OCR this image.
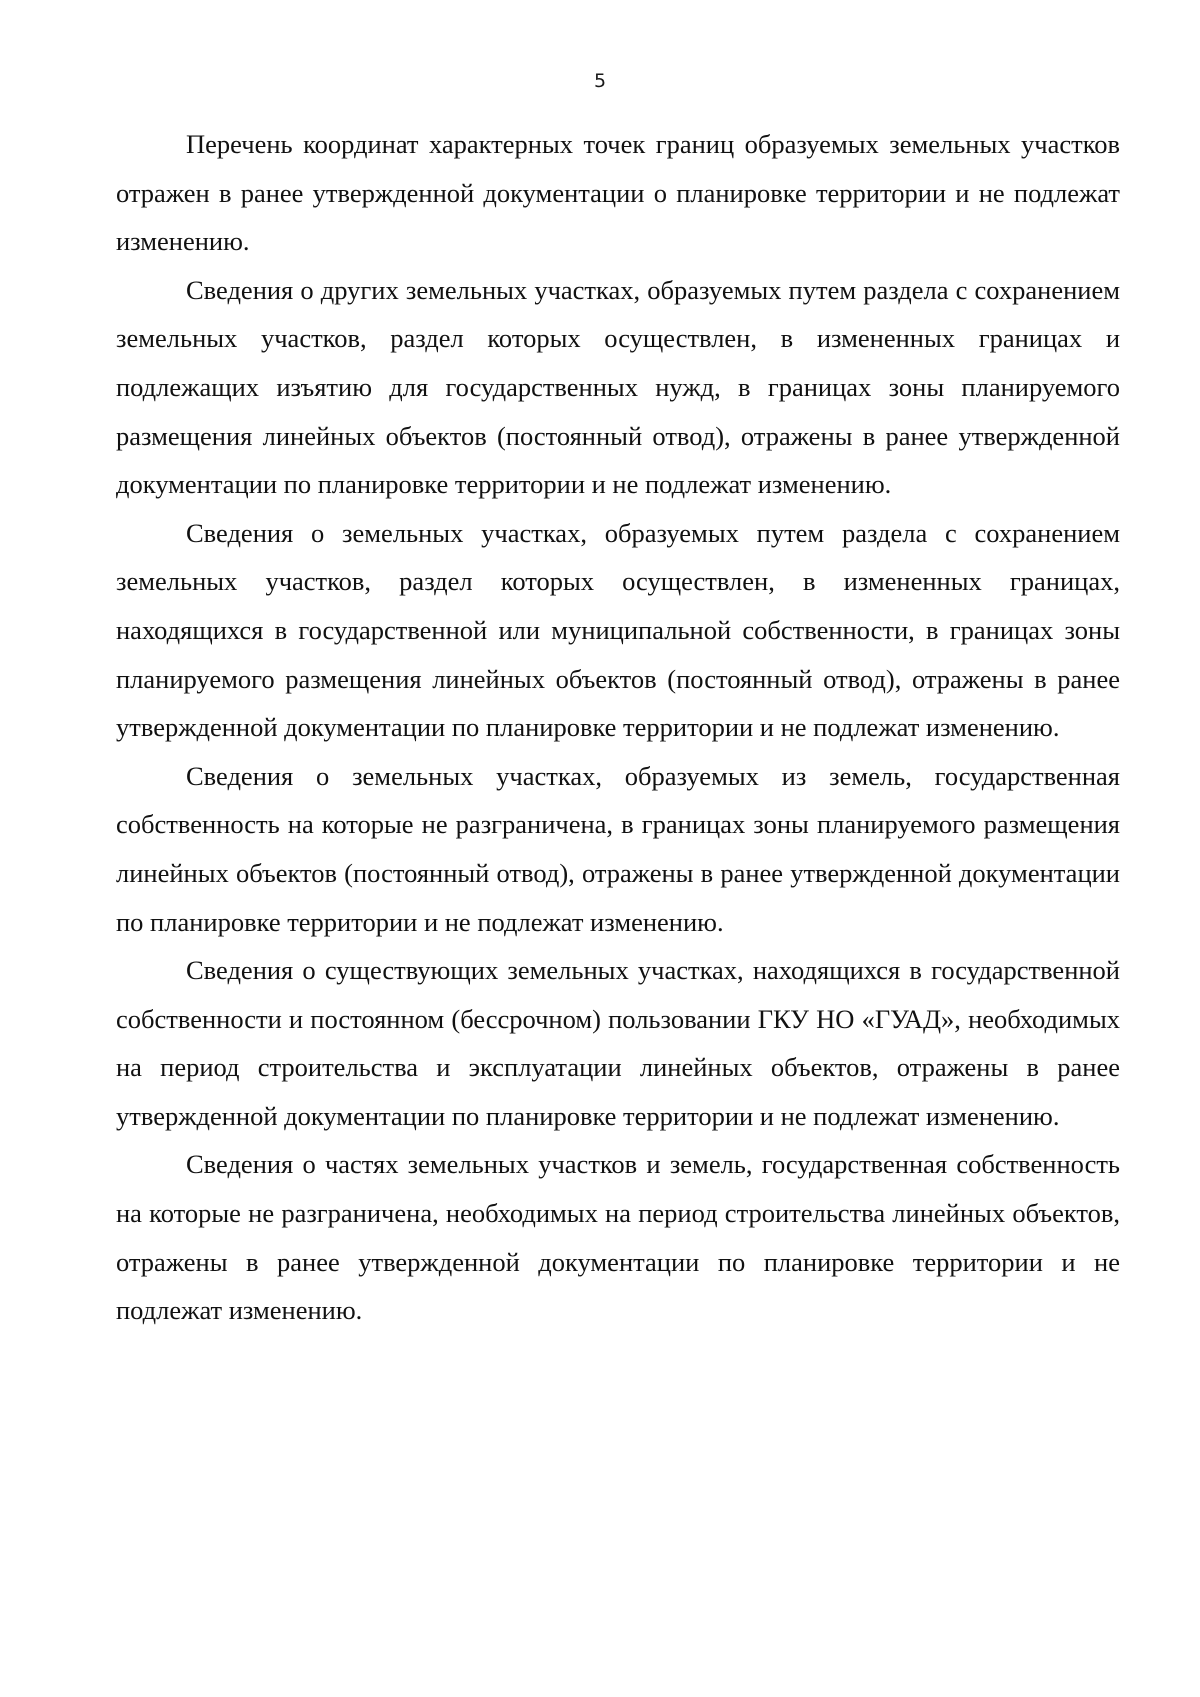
5

Перечень координат характерных точек границ образуемых земельных участков отражен в ранее утвержденной документации о планировке территории и не подлежат изменению.

Сведения о других земельных участках, образуемых путем раздела с сохранением земельных участков, раздел которых осуществлен, в измененных границах и подлежащих изъятию для государственных нужд, в границах зоны планируемого размещения линейных объектов (постоянный отвод), отражены в ранее утвержденной документации по планировке территории и не подлежат изменению.

Сведения о земельных участках, образуемых путем раздела с сохранением земельных участков, раздел которых осуществлен, в измененных границах, находящихся в государственной или муниципальной собственности, в границах зоны планируемого размещения линейных объектов (постоянный отвод), отражены в ранее утвержденной документации по планировке территории и не подлежат изменению.

Сведения о земельных участках, образуемых из земель, государственная собственность на которые не разграничена, в границах зоны планируемого размещения линейных объектов (постоянный отвод), отражены в ранее утвержденной документации по планировке территории и не подлежат изменению.

Сведения о существующих земельных участках, находящихся в государственной собственности и постоянном (бессрочном) пользовании ГКУ НО «ГУАД», необходимых на период строительства и эксплуатации линейных объектов, отражены в ранее утвержденной документации по планировке территории и не подлежат изменению.

Сведения о частях земельных участков и земель, государственная собственность на которые не разграничена, необходимых на период строительства линейных объектов, отражены в ранее утвержденной документации по планировке территории и не подлежат изменению.
